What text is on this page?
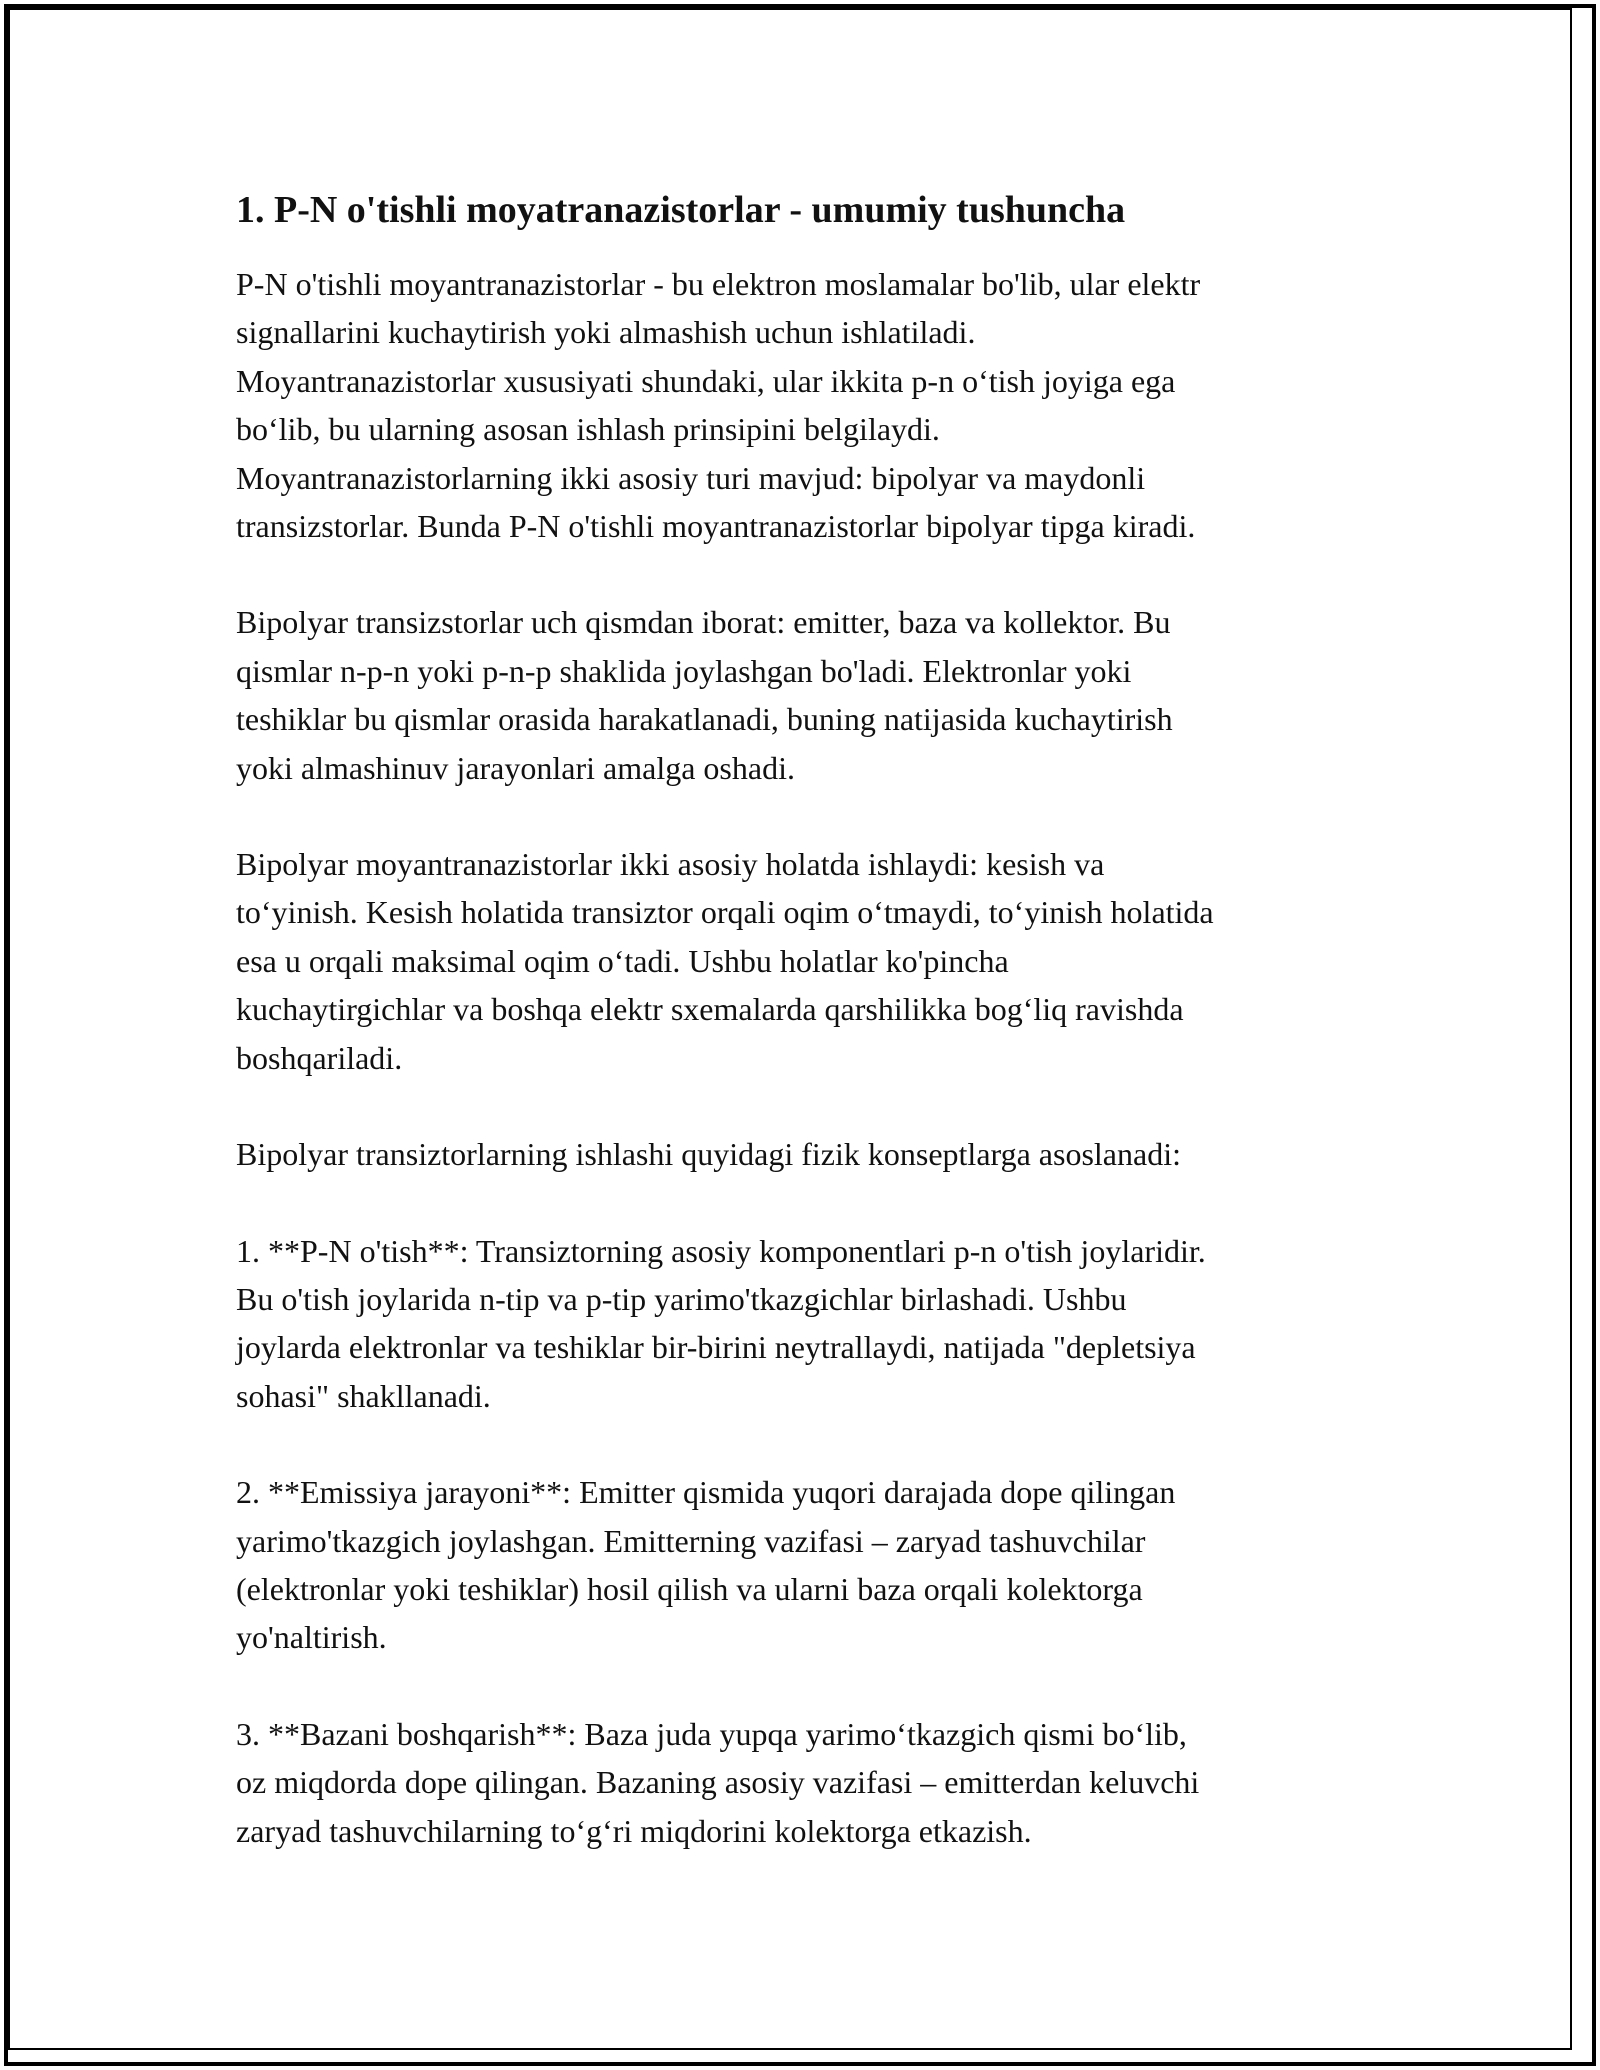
1. P-N o'tishli moyatranazistorlar - umumiy tushuncha

P-N o'tishli moyantranazistorlar - bu elektron moslamalar bo'lib, ular elektr
signallarini kuchaytirish yoki almashish uchun ishlatiladi.
Moyantranazistorlar xususiyati shundaki, ular ikkita p-n o‘tish joyiga ega
bo‘lib, bu ularning asosan ishlash prinsipini belgilaydi.
Moyantranazistorlarning ikki asosiy turi mavjud: bipolyar va maydonli
transizstorlar. Bunda P-N o'tishli moyantranazistorlar bipolyar tipga kiradi.

Bipolyar transizstorlar uch qismdan iborat: emitter, baza va kollektor. Bu
qismlar n-p-n yoki p-n-p shaklida joylashgan bo'ladi. Elektronlar yoki
teshiklar bu qismlar orasida harakatlanadi, buning natijasida kuchaytirish
yoki almashinuv jarayonlari amalga oshadi.

Bipolyar moyantranazistorlar ikki asosiy holatda ishlaydi: kesish va
to‘yinish. Kesish holatida transiztor orqali oqim o‘tmaydi, to‘yinish holatida
esa u orqali maksimal oqim o‘tadi. Ushbu holatlar ko'pincha
kuchaytirgichlar va boshqa elektr sxemalarda qarshilikka bog‘liq ravishda
boshqariladi.

Bipolyar transiztorlarning ishlashi quyidagi fizik konseptlarga asoslanadi:

1. **P-N o'tish**: Transiztorning asosiy komponentlari p-n o'tish joylaridir.
Bu o'tish joylarida n-tip va p-tip yarimo'tkazgichlar birlashadi. Ushbu
joylarda elektronlar va teshiklar bir-birini neytrallaydi, natijada "depletsiya
sohasi" shakllanadi.

2. **Emissiya jarayoni**: Emitter qismida yuqori darajada dope qilingan
yarimo'tkazgich joylashgan. Emitterning vazifasi – zaryad tashuvchilar
(elektronlar yoki teshiklar) hosil qilish va ularni baza orqali kolektorga
yo'naltirish.

3. **Bazani boshqarish**: Baza juda yupqa yarimo‘tkazgich qismi bo‘lib,
oz miqdorda dope qilingan. Bazaning asosiy vazifasi – emitterdan keluvchi
zaryad tashuvchilarning to‘g‘ri miqdorini kolektorga etkazish.
